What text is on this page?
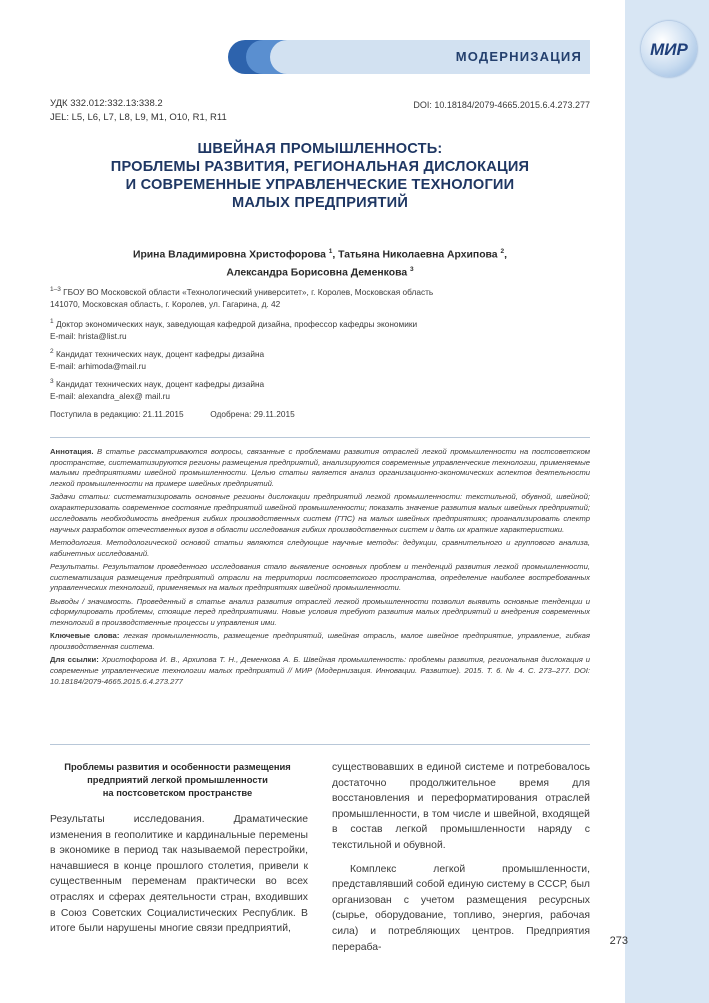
МОДЕРНИЗАЦИЯ	МИР
УДК 332.012:332.13:338.2
JEL: L5, L6, L7, L8, L9, M1, O10, R1, R11
DOI: 10.18184/2079-4665.2015.6.4.273.277
ШВЕЙНАЯ ПРОМЫШЛЕННОСТЬ:
ПРОБЛЕМЫ РАЗВИТИЯ, РЕГИОНАЛЬНАЯ ДИСЛОКАЦИЯ
И СОВРЕМЕННЫЕ УПРАВЛЕНЧЕСКИЕ ТЕХНОЛОГИИ
МАЛЫХ ПРЕДПРИЯТИЙ
Ирина Владимировна Христофорова $^1$, Татьяна Николаевна Архипова $^2$,
Александра Борисовна Деменкова $^3$
$^{1-3}$ ГБОУ ВО Московской области «Технологический университет», г. Королев, Московская область
141070, Московская область, г. Королев, ул. Гагарина, д. 42
$^1$ Доктор экономических наук, заведующая кафедрой дизайна, профессор кафедры экономики
E-mail: hrista@list.ru
$^2$ Кандидат технических наук, доцент кафедры дизайна
E-mail: arhimoda@mail.ru
$^3$ Кандидат технических наук, доцент кафедры дизайна
E-mail: alexandra_alex@ mail.ru
Поступила в редакцию: 21.11.2015	Одобрена: 29.11.2015

Аннотация. В статье рассматриваются вопросы, связанные с проблемами развития отраслей легкой промышленности на постсоветском пространстве, систематизируются регионы размещения предприятий, анализируются современные управленческие технологии, применяемые малыми предприятиями швейной промышленности. Целью статьи является анализ организационно-экономических аспектов деятельности легкой промышленности на примере швейных предприятий.

Задачи статьи: систематизировать основные регионы дислокации предприятий легкой промышленности: текстильной, обувной, швейной; охарактеризовать современное состояние предприятий швейной промышленности; показать значение развития малых швейных предприятий; исследовать необходимость внедрения гибких производственных систем (ГПС) на малых швейных предприятиях; проанализировать спектр научных разработок отечественных вузов в области исследования гибких производственных систем и дать их краткие характеристики.

Методология. Методологической основой статьи являются следующие научные методы: дедукции, сравнительного и группового анализа, кабинетных исследований.

Результаты. Результатом проведенного исследования стало выявление основных проблем и тенденций развития легкой промышленности, систематизация размещения предприятий отрасли на территории постсоветского пространства, определение наиболее востребованных управленческих технологий, применяемых на малых предприятиях швейной промышленности.

Выводы / значимость. Проведенный в статье анализ развития отраслей легкой промышленности позволил выявить основные тенденции и сформулировать проблемы, стоящие перед предприятиями. Новые условия требуют развития малых предприятий и внедрения современных технологий в производственные процессы и управления ими.

Ключевые слова: легкая промышленность, размещение предприятий, швейная отрасль, малое швейное предприятие, управление, гибкая производственная система.

Для ссылки: Христофорова И. В., Архипова Т. Н., Деменкова А. Б. Швейная промышленность: проблемы развития, региональная дислокация и современные управленческие технологии малых предприятий // МИР (Модернизация. Инновации. Развитие). 2015. Т. 6. № 4. С. 273–277. DOI: 10.18184/2079-4665.2015.6.4.273.277

Проблемы развития и особенности размещения
предприятий легкой промышленности
на постсоветском пространстве

Результаты исследования. Драматические изменения в геополитике и кардинальные перемены в экономике в период так называемой перестройки, начавшиеся в конце прошлого столетия, привели к существенным переменам практически во всех отраслях и сферах деятельности стран, входивших в Союз Советских Социалистических Республик. В итоге были нарушены многие связи предприятий,

существовавших в единой системе и потребовалось достаточно продолжительное время для восстановления и переформатирования отраслей промышленности, в том числе и швейной, входящей в состав легкой промышленности наряду с текстильной и обувной.

Комплекс легкой промышленности, представлявший собой единую систему в СССР, был организован с учетом размещения ресурсных (сырье, оборудование, топливо, энергия, рабочая сила) и потребляющих центров. Предприятия перераба-

273
